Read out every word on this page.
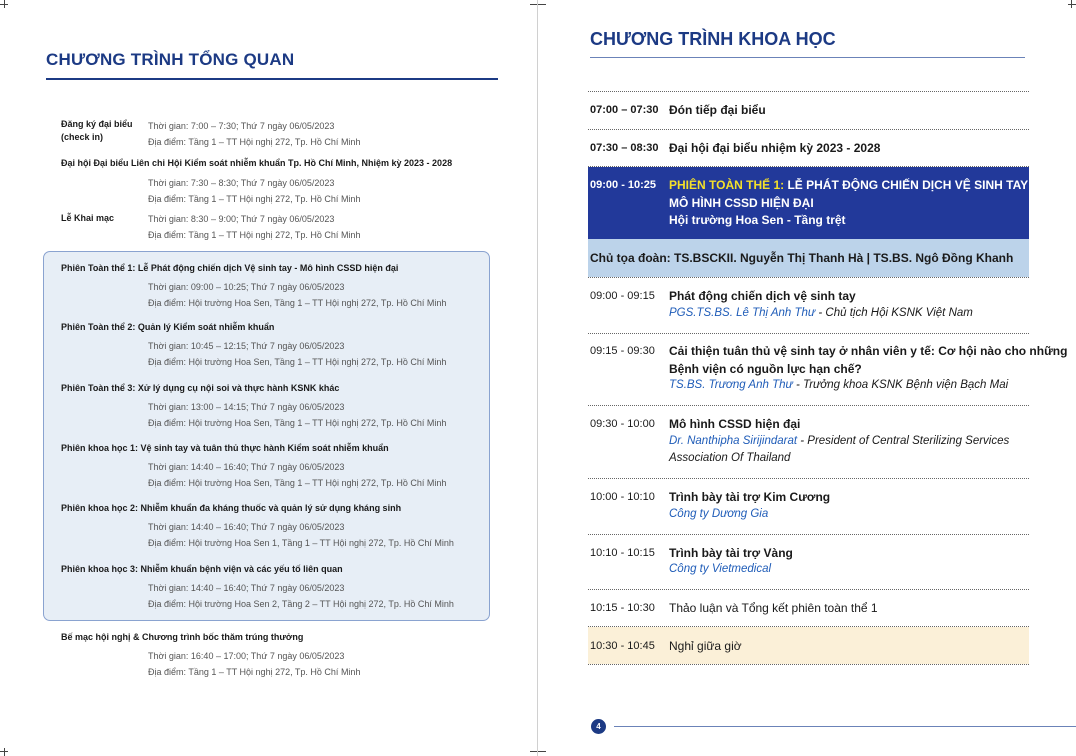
CHƯƠNG TRÌNH TỔNG QUAN
Đăng ký đại biểu (check in)
Thời gian: 7:00 – 7:30; Thứ 7 ngày 06/05/2023
Địa điểm: Tầng 1 – TT Hội nghị 272, Tp. Hồ Chí Minh
Đại hội Đại biểu Liên chi Hội Kiểm soát nhiễm khuẩn Tp. Hồ Chí Minh, Nhiệm kỳ 2023 - 2028
Thời gian: 7:30 – 8:30; Thứ 7 ngày 06/05/2023
Địa điểm: Tầng 1 – TT Hội nghị 272, Tp. Hồ Chí Minh
Lễ Khai mạc	Thời gian: 8:30 – 9:00; Thứ 7 ngày 06/05/2023
Địa điểm: Tầng 1 – TT Hội nghị 272, Tp. Hồ Chí Minh
Phiên Toàn thể 1: Lễ Phát động chiến dịch Vệ sinh tay - Mô hình CSSD hiện đại
Thời gian: 09:00 – 10:25; Thứ 7 ngày 06/05/2023
Địa điểm: Hội trường Hoa Sen, Tầng 1 – TT Hội nghị 272, Tp. Hồ Chí Minh
Phiên Toàn thể 2: Quản lý Kiểm soát nhiễm khuẩn
Thời gian: 10:45 – 12:15; Thứ 7 ngày 06/05/2023
Địa điểm: Hội trường Hoa Sen, Tầng 1 – TT Hội nghị 272, Tp. Hồ Chí Minh
Phiên Toàn thể 3: Xử lý dụng cụ nội soi và thực hành KSNK khác
Thời gian: 13:00 – 14:15; Thứ 7 ngày 06/05/2023
Địa điểm: Hội trường Hoa Sen, Tầng 1 – TT Hội nghị 272, Tp. Hồ Chí Minh
Phiên khoa học 1: Vệ sinh tay và tuân thủ thực hành Kiểm soát nhiễm khuẩn
Thời gian: 14:40 – 16:40; Thứ 7 ngày 06/05/2023
Địa điểm: Hội trường Hoa Sen, Tầng 1 – TT Hội nghị 272, Tp. Hồ Chí Minh
Phiên khoa học 2: Nhiễm khuẩn đa kháng thuốc và quản lý sử dụng kháng sinh
Thời gian: 14:40 – 16:40; Thứ 7 ngày 06/05/2023
Địa điểm: Hội trường Hoa Sen 1, Tầng 1 – TT Hội nghị 272, Tp. Hồ Chí Minh
Phiên khoa học 3: Nhiễm khuẩn bệnh viện và các yếu tố liên quan
Thời gian: 14:40 – 16:40; Thứ 7 ngày 06/05/2023
Địa điểm: Hội trường Hoa Sen 2, Tầng 2 – TT Hội nghị 272, Tp. Hồ Chí Minh
Bế mạc hội nghị & Chương trình bốc thăm trúng thưởng
Thời gian: 16:40 – 17:00; Thứ 7 ngày 06/05/2023
Địa điểm: Tầng 1 – TT Hội nghị 272, Tp. Hồ Chí Minh
CHƯƠNG TRÌNH KHOA HỌC
07:00 – 07:30 Đón tiếp đại biểu
07:30 – 08:30 Đại hội đại biểu nhiệm kỳ 2023 - 2028
09:00 - 10:25 PHIÊN TOÀN THỂ 1: LỄ PHÁT ĐỘNG CHIẾN DỊCH VỆ SINH TAY
MÔ HÌNH CSSD HIỆN ĐẠI
Hội trường Hoa Sen - Tầng trệt
Chủ tọa đoàn: TS.BSCKII. Nguyễn Thị Thanh Hà | TS.BS. Ngô Đồng Khanh
09:00 - 09:15 Phát động chiến dịch vệ sinh tay
PGS.TS.BS. Lê Thị Anh Thư - Chủ tịch Hội KSNK Việt Nam
09:15 - 09:30 Cải thiện tuân thủ vệ sinh tay ở nhân viên y tế: Cơ hội nào cho những
Bệnh viện có nguồn lực hạn chế?
TS.BS. Trương Anh Thư - Trưởng khoa KSNK Bệnh viện Bạch Mai
09:30 - 10:00 Mô hình CSSD hiện đại
Dr. Nanthipha Sirijindarat - President of Central Sterilizing Services
Association Of Thailand
10:00 - 10:10 Trình bày tài trợ Kim Cương
Công ty Dương Gia
10:10 - 10:15 Trình bày tài trợ Vàng
Công ty Vietmedical
10:15 - 10:30 Thảo luận và Tổng kết phiên toàn thể 1
10:30 - 10:45 Nghỉ giữa giờ
4
